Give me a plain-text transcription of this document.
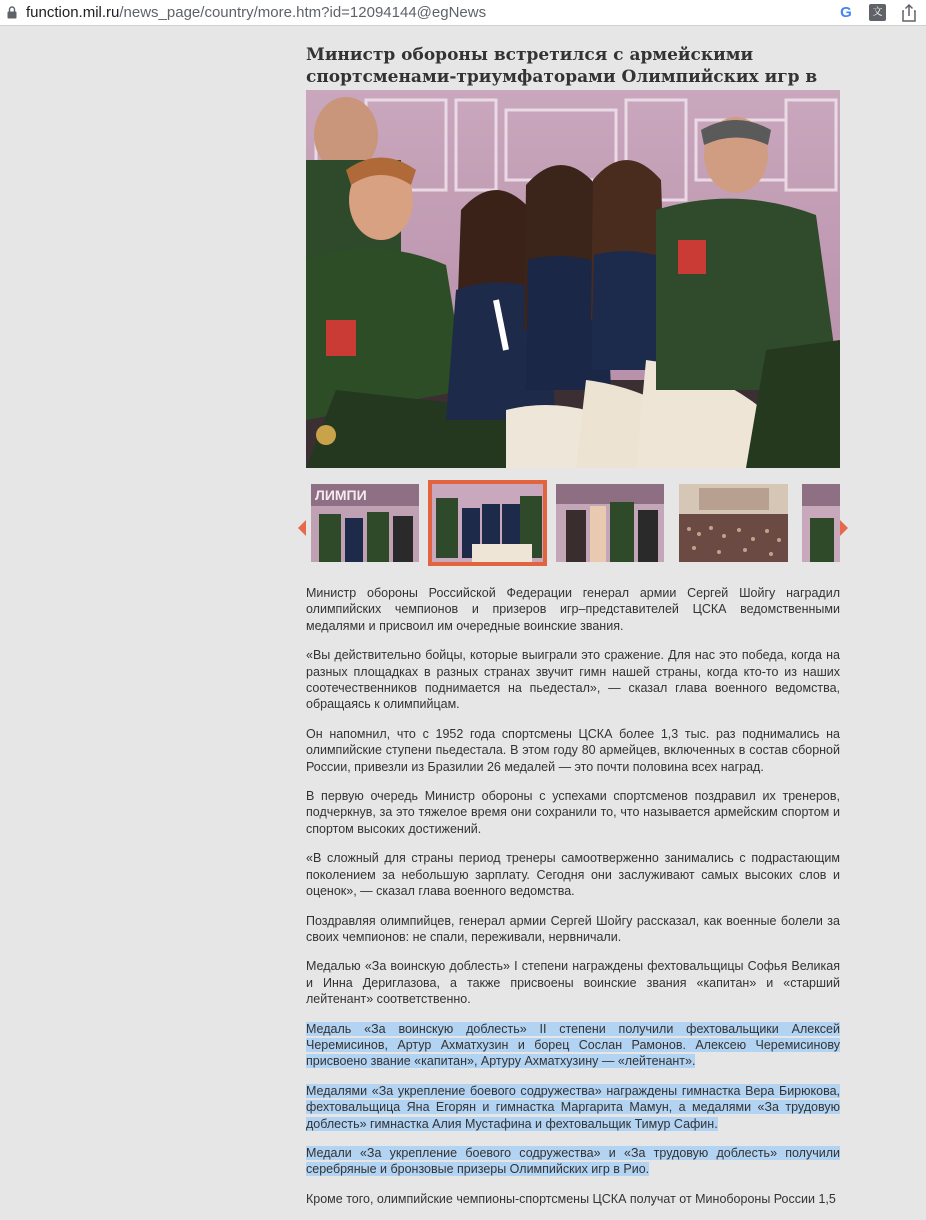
function.mil.ru/news_page/country/more.htm?id=12094144@egNews	G	文
Министр обороны встретился с армейскими спортсменами-триумфаторами Олимпийских игр в
ЛИМПИ

Министр обороны Российской Федерации генерал армии Сергей Шойгу наградил олимпийских чемпионов и призеров игр–представителей ЦСКА ведомственными медалями и присвоил им очередные воинские звания.

«Вы действительно бойцы, которые выиграли это сражение. Для нас это победа, когда на разных площадках в разных странах звучит гимн нашей страны, когда кто-то из наших соотечественников поднимается на пьедестал», — сказал глава военного ведомства, обращаясь к олимпийцам.

Он напомнил, что с 1952 года спортсмены ЦСКА более 1,3 тыс. раз поднимались на олимпийские ступени пьедестала. В этом году 80 армейцев, включенных в состав сборной России, привезли из Бразилии 26 медалей — это почти половина всех наград.

В первую очередь Министр обороны с успехами спортсменов поздравил их тренеров, подчеркнув, за это тяжелое время они сохранили то, что называется армейским спортом и спортом высоких достижений.

«В сложный для страны период тренеры самоотверженно занимались с подрастающим поколением за небольшую зарплату. Сегодня они заслуживают самых высоких слов и оценок», — сказал глава военного ведомства.

Поздравляя олимпийцев, генерал армии Сергей Шойгу рассказал, как военные болели за своих чемпионов: не спали, переживали, нервничали.

Медалью «За воинскую доблесть» I степени награждены фехтовальщицы Софья Великая и Инна Дериглазова, а также присвоены воинские звания «капитан» и «старший лейтенант» соответственно.

Медаль «За воинскую доблесть» II степени получили фехтовальщики Алексей Черемисинов, Артур Ахматхузин и борец Сослан Рамонов. Алексею Черемисинову присвоено звание «капитан», Артуру Ахматхузину — «лейтенант».

Медалями «За укрепление боевого содружества» награждены гимнастка Вера Бирюкова, фехтовальщица Яна Егорян и гимнастка Маргарита Мамун, а медалями «За трудовую доблесть» гимнастка Алия Мустафина и фехтовальщик Тимур Сафин.

Медали «За укрепление боевого содружества» и «За трудовую доблесть» получили серебряные и бронзовые призеры Олимпийских игр в Рио.

Кроме того, олимпийские чемпионы-спортсмены ЦСКА получат от Минобороны России 1,5
